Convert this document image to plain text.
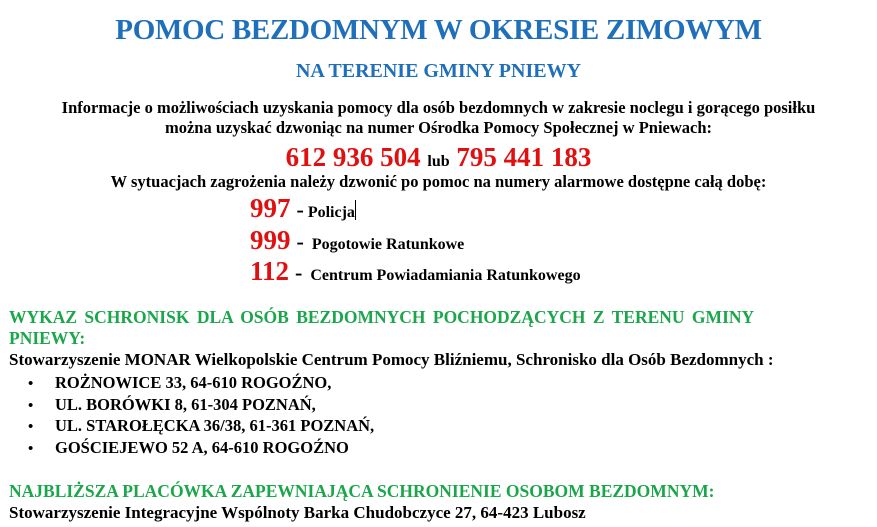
POMOC BEZDOMNYM W OKRESIE ZIMOWYM
NA TERENIE GMINY PNIEWY
Informacje o możliwościach uzyskania pomocy dla osób bezdomnych w zakresie noclegu i gorącego posiłku
można uzyskać dzwoniąc na numer Ośrodka Pomocy Społecznej w Pniewach:
612 936 504 lub 795 441 183
W sytuacjach zagrożenia należy dzwonić po pomoc na numery alarmowe dostępne całą dobę:
997 - Policja
999 - Pogotowie Ratunkowe
112 - Centrum Powiadamiania Ratunkowego
WYKAZ SCHRONISK DLA OSÓB BEZDOMNYCH POCHODZĄCYCH Z TERENU GMINY
PNIEWY:
Stowarzyszenie MONAR Wielkopolskie Centrum Pomocy Bliźniemu, Schronisko dla Osób Bezdomnych :
• ROŻNOWICE 33, 64-610 ROGOŹNO,
• UL. BORÓWKI 8, 61-304 POZNAŃ,
• UL. STAROŁĘCKA 36/38, 61-361 POZNAŃ,
• GOŚCIEJEWO 52 A, 64-610 ROGOŹNO
NAJBLIŻSZA PLACÓWKA ZAPEWNIAJĄCA SCHRONIENIE OSOBOM BEZDOMNYM:
Stowarzyszenie Integracyjne Wspólnoty Barka Chudobczyce 27, 64-423 Lubosz
